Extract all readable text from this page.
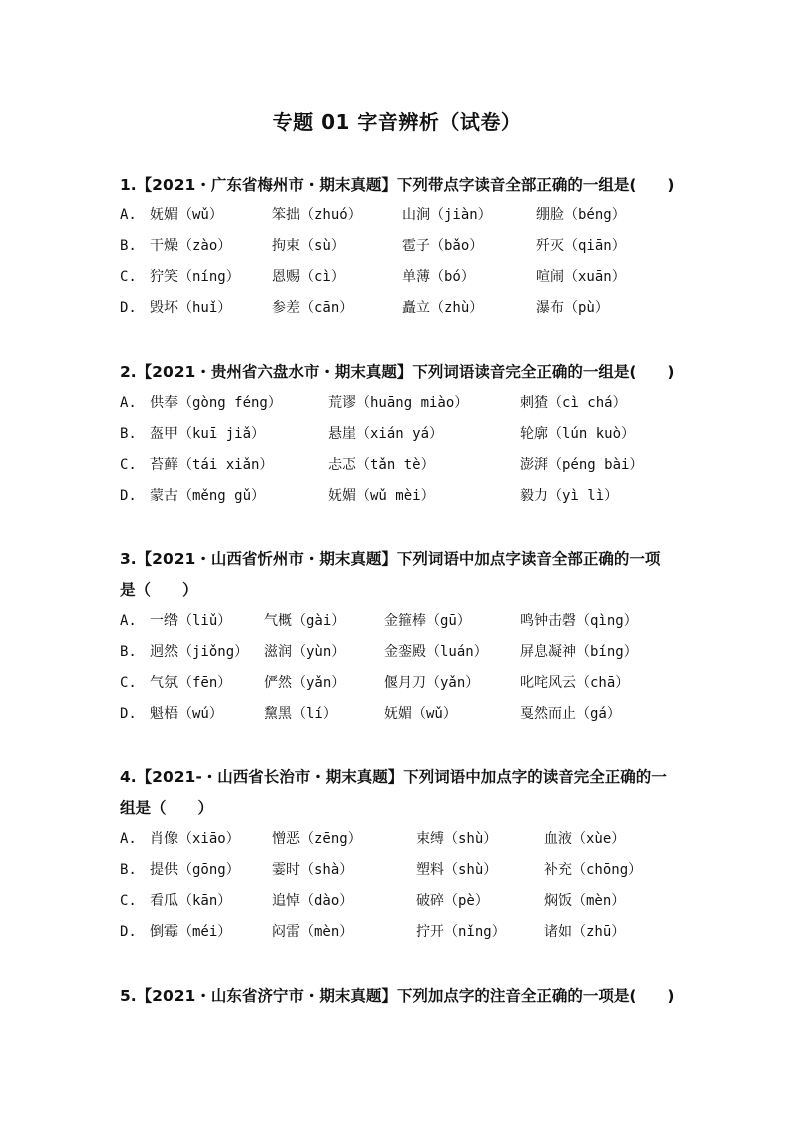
专题 01 字音辨析（试卷）
1.【2021・广东省梅州市・期末真题】下列带点字读音全部正确的一组是(　　)
A. 妩媚（wǔ）	笨拙（zhuó）	山涧（jiàn）	绷脸（béng）
B. 干燥（zào）	拘束（sù）	雹子（bǎo）	歼灭（qiān）
C. 狞笑（níng） 恩赐（cì）	单薄（bó）	喧闹（xuān）
D. 毁坏（huǐ）	参差（cān）	矗立（zhù）	瀑布（pù）
2.【2021・贵州省六盘水市・期末真题】下列词语读音完全正确的一组是(　　)
A. 供奉（gòng féng）	荒谬（huāng miào）	刺猹（cì chá）
B. 盔甲（kuī jiǎ）	悬崖（xián yá）	轮廓（lún kuò）
C. 苔藓（tái xiǎn）	忐忑（tǎn tè）	澎湃（péng bài）
D. 蒙古（měng gǔ）	妩媚（wǔ mèi）	毅力（yì lì）
3.【2021・山西省忻州市・期末真题】下列词语中加点字读音全部正确的一项
是（　　）
A. 一绺（liǔ） 气概（gài）	金箍棒（gū）	鸣钟击磬（qìng）
B. 迥然（jiǒng） 滋润（yùn）	金銮殿（luán） 屏息凝神（bíng）
C. 气氛（fēn） 俨然（yǎn）	偃月刀（yǎn）	叱咤风云（chā）
D. 魁梧（wú）	黧黑（lí）	妩媚（wǔ）	戛然而止（gá）
4.【2021-・山西省长治市・期末真题】下列词语中加点字的读音完全正确的一
组是（　　）
A. 肖像（xiāo） 憎恶（zēng）	束缚（shù）	血液（xùe）
B. 提供（gōng） 霎时（shà）	塑料（shù）	补充（chōng）
C. 看瓜（kān）	追悼（dào）	破碎（pè）	焖饭（mèn）
D. 倒霉（méi）	闷雷（mèn）	拧开（nǐng）	诸如（zhū）
5.【2021・山东省济宁市・期末真题】下列加点字的注音全正确的一项是(　　)
